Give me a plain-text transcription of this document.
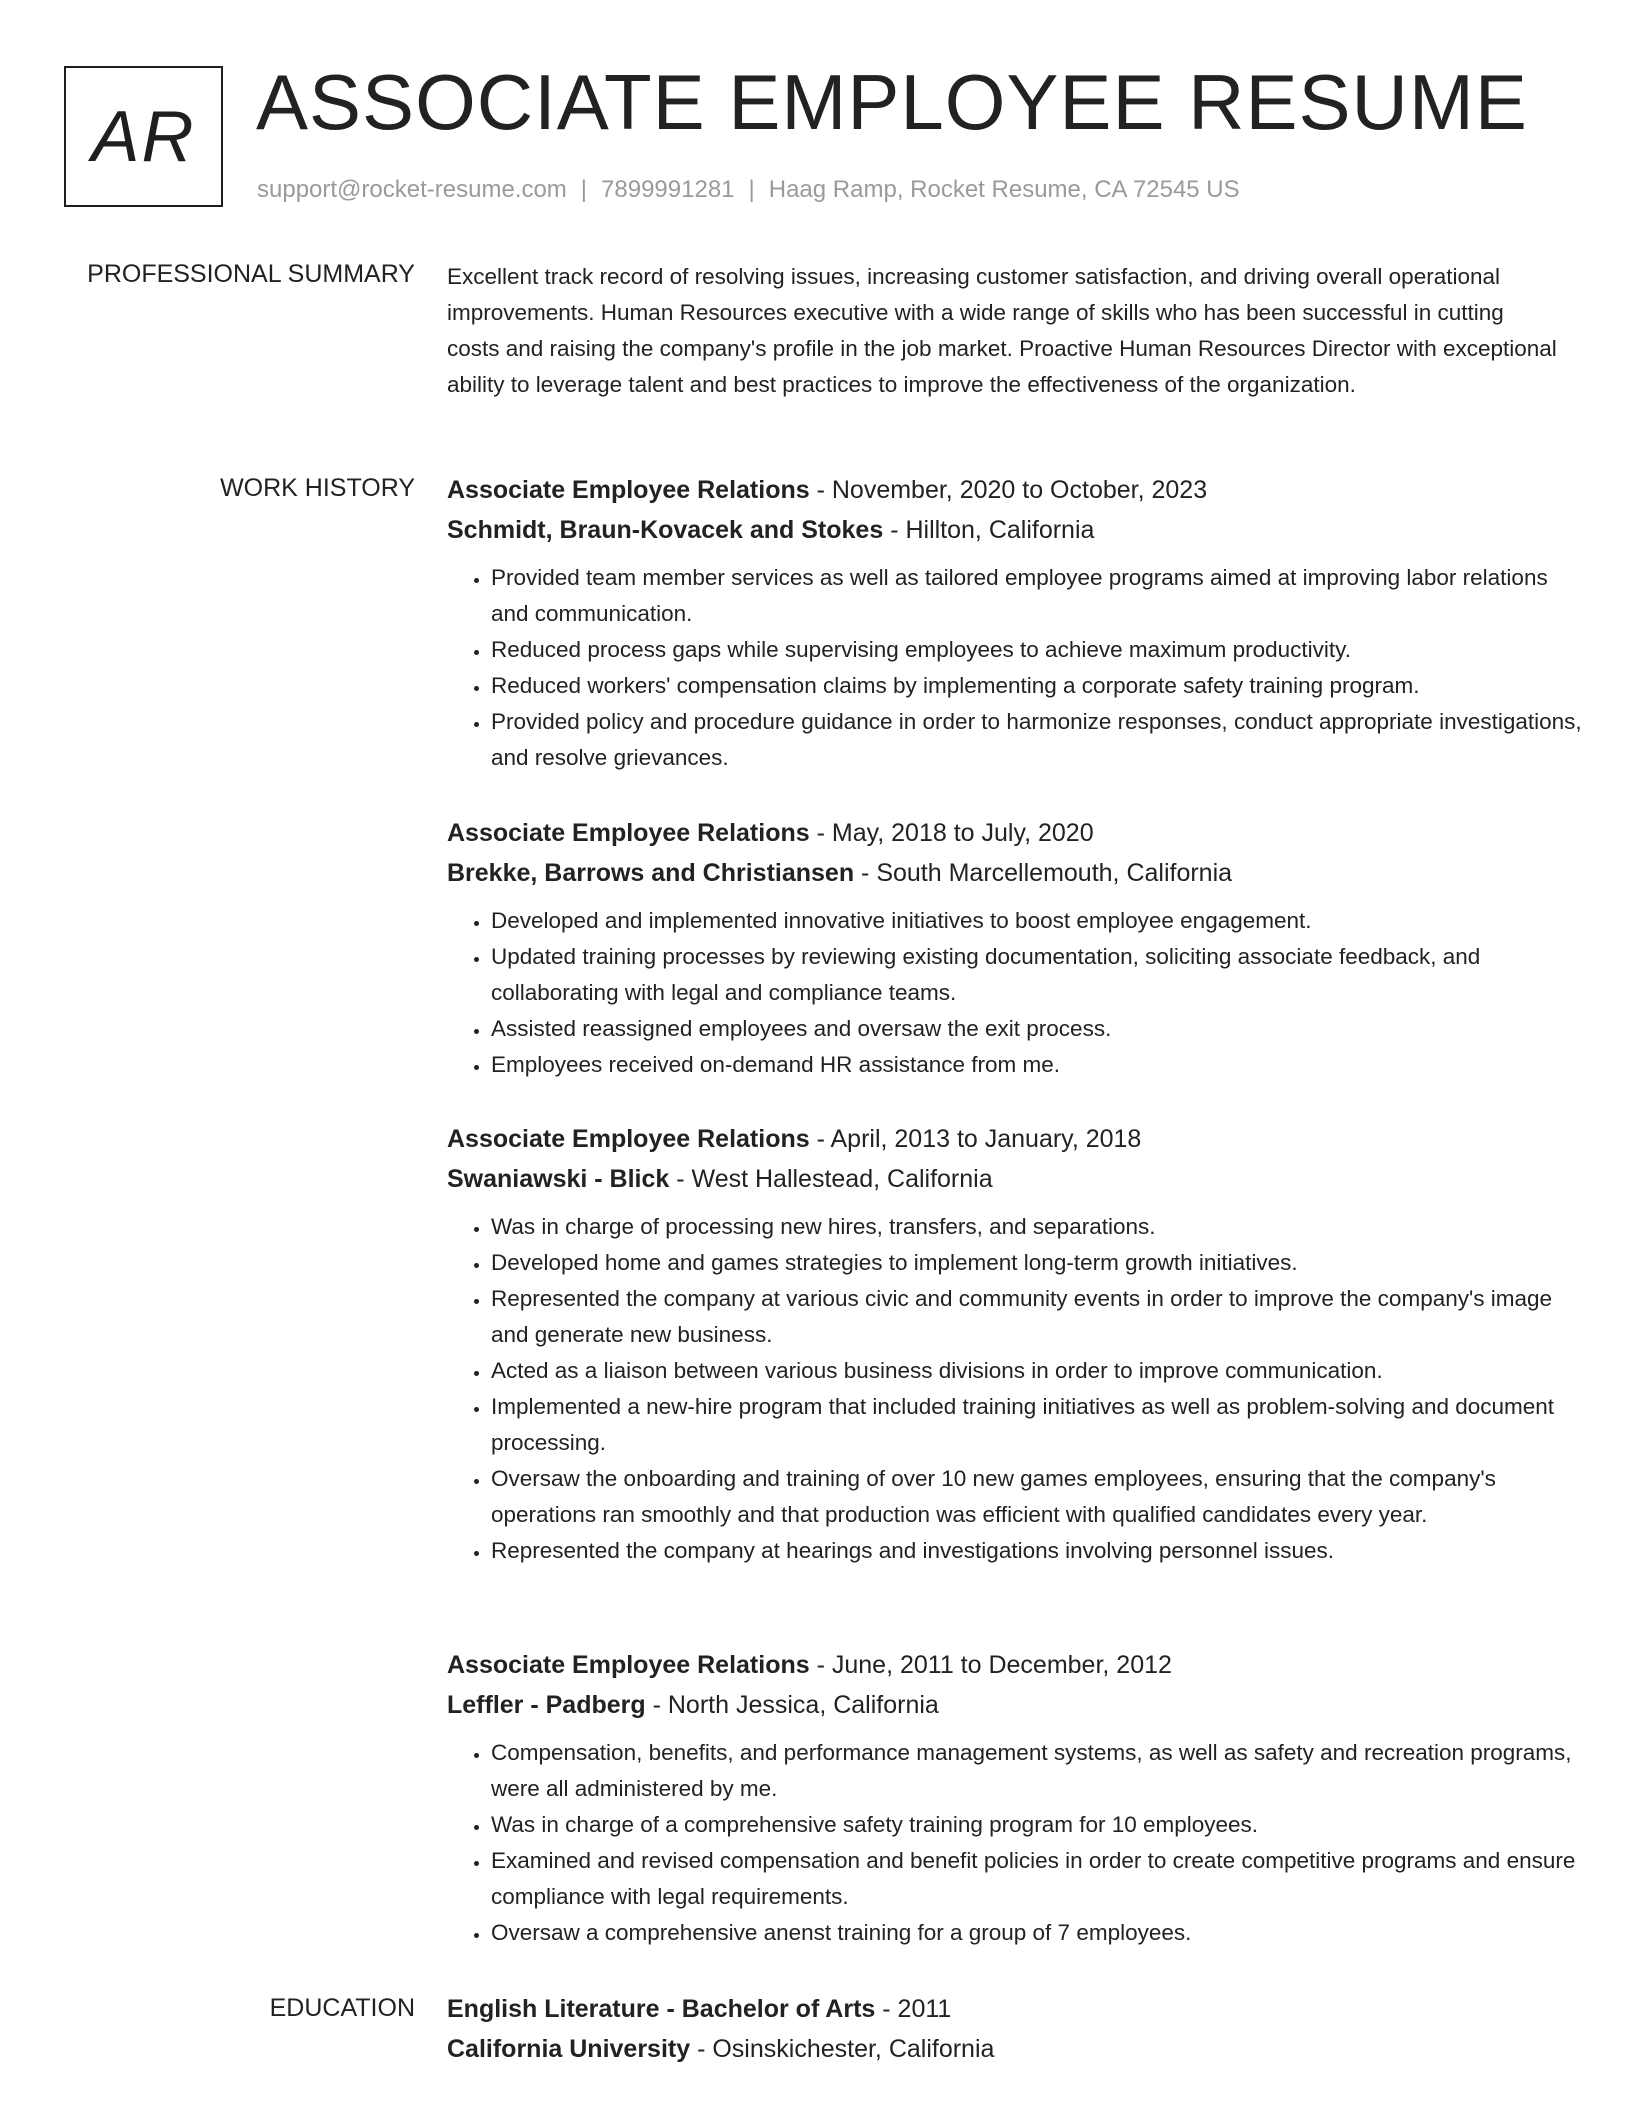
AR ASSOCIATE EMPLOYEE RESUME
support@rocket-resume.com | 7899991281 | Haag Ramp, Rocket Resume, CA 72545 US
PROFESSIONAL SUMMARY Excellent track record of resolving issues, increasing customer satisfaction, and driving overall operational improvements. Human Resources executive with a wide range of skills who has been successful in cutting costs and raising the company's profile in the job market. Proactive Human Resources Director with exceptional ability to leverage talent and best practices to improve the effectiveness of the organization.
WORK HISTORY Associate Employee Relations - November, 2020 to October, 2023
Schmidt, Braun-Kovacek and Stokes - Hillton, California
• Provided team member services as well as tailored employee programs aimed at improving labor relations and communication.
• Reduced process gaps while supervising employees to achieve maximum productivity.
• Reduced workers' compensation claims by implementing a corporate safety training program.
• Provided policy and procedure guidance in order to harmonize responses, conduct appropriate investigations, and resolve grievances.
Associate Employee Relations - May, 2018 to July, 2020
Brekke, Barrows and Christiansen - South Marcellemouth, California
• Developed and implemented innovative initiatives to boost employee engagement.
• Updated training processes by reviewing existing documentation, soliciting associate feedback, and collaborating with legal and compliance teams.
• Assisted reassigned employees and oversaw the exit process.
• Employees received on-demand HR assistance from me.
Associate Employee Relations - April, 2013 to January, 2018
Swaniawski - Blick - West Hallestead, California
• Was in charge of processing new hires, transfers, and separations.
• Developed home and games strategies to implement long-term growth initiatives.
• Represented the company at various civic and community events in order to improve the company's image and generate new business.
• Acted as a liaison between various business divisions in order to improve communication.
• Implemented a new-hire program that included training initiatives as well as problem-solving and document processing.
• Oversaw the onboarding and training of over 10 new games employees, ensuring that the company's operations ran smoothly and that production was efficient with qualified candidates every year.
• Represented the company at hearings and investigations involving personnel issues.
Associate Employee Relations - June, 2011 to December, 2012
Leffler - Padberg - North Jessica, California
• Compensation, benefits, and performance management systems, as well as safety and recreation programs, were all administered by me.
• Was in charge of a comprehensive safety training program for 10 employees.
• Examined and revised compensation and benefit policies in order to create competitive programs and ensure compliance with legal requirements.
• Oversaw a comprehensive anenst training for a group of 7 employees.
EDUCATION English Literature - Bachelor of Arts - 2011
California University - Osinskichester, California
